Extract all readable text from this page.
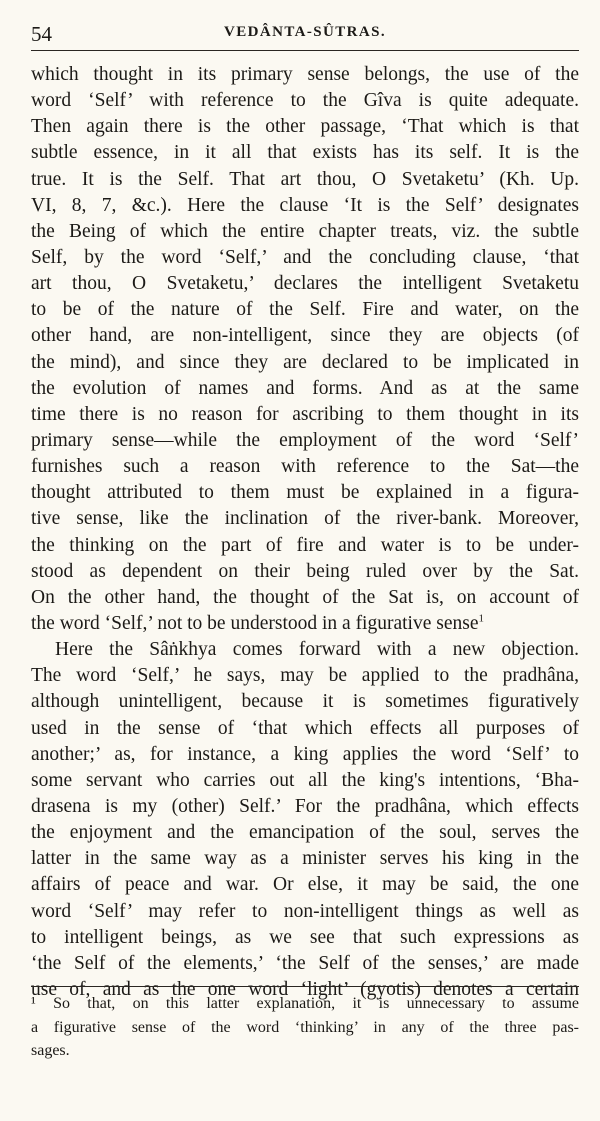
54	VEDÂNTA-SÛTRAS.
which thought in its primary sense belongs, the use of the
word ‘Self’ with reference to the Gîva is quite adequate.
Then again there is the other passage, ‘That which is that
subtle essence, in it all that exists has its self. It is the
true. It is the Self. That art thou, O Svetaketu’ (Kh. Up.
VI, 8, 7, &c.). Here the clause ‘It is the Self’ designates
the Being of which the entire chapter treats, viz. the subtle
Self, by the word ‘Self,’ and the concluding clause, ‘that
art thou, O Svetaketu,’ declares the intelligent Svetaketu
to be of the nature of the Self. Fire and water, on the
other hand, are non-intelligent, since they are objects (of
the mind), and since they are declared to be implicated in
the evolution of names and forms. And as at the same
time there is no reason for ascribing to them thought in its
primary sense—while the employment of the word ‘Self’
furnishes such a reason with reference to the Sat—the
thought attributed to them must be explained in a figura-
tive sense, like the inclination of the river-bank. Moreover,
the thinking on the part of fire and water is to be under-
stood as dependent on their being ruled over by the Sat.
On the other hand, the thought of the Sat is, on account of
the word ‘Self,’ not to be understood in a figurative sense$^1$
Here the Sâṅkhya comes forward with a new objection.
The word ‘Self,’ he says, may be applied to the pradhâna,
although unintelligent, because it is sometimes figuratively
used in the sense of ‘that which effects all purposes of
another;’ as, for instance, a king applies the word ‘Self’ to
some servant who carries out all the king's intentions, ‘Bha-
drasena is my (other) Self.’ For the pradhâna, which effects
the enjoyment and the emancipation of the soul, serves the
latter in the same way as a minister serves his king in the
affairs of peace and war. Or else, it may be said, the one
word ‘Self’ may refer to non-intelligent things as well as
to intelligent beings, as we see that such expressions as
‘the Self of the elements,’ ‘the Self of the senses,’ are made
use of, and as the one word ‘light’ (gyotis) denotes a certain
¹ So that, on this latter explanation, it is unnecessary to assume
a figurative sense of the word ‘thinking’ in any of the three pas-
sages.
